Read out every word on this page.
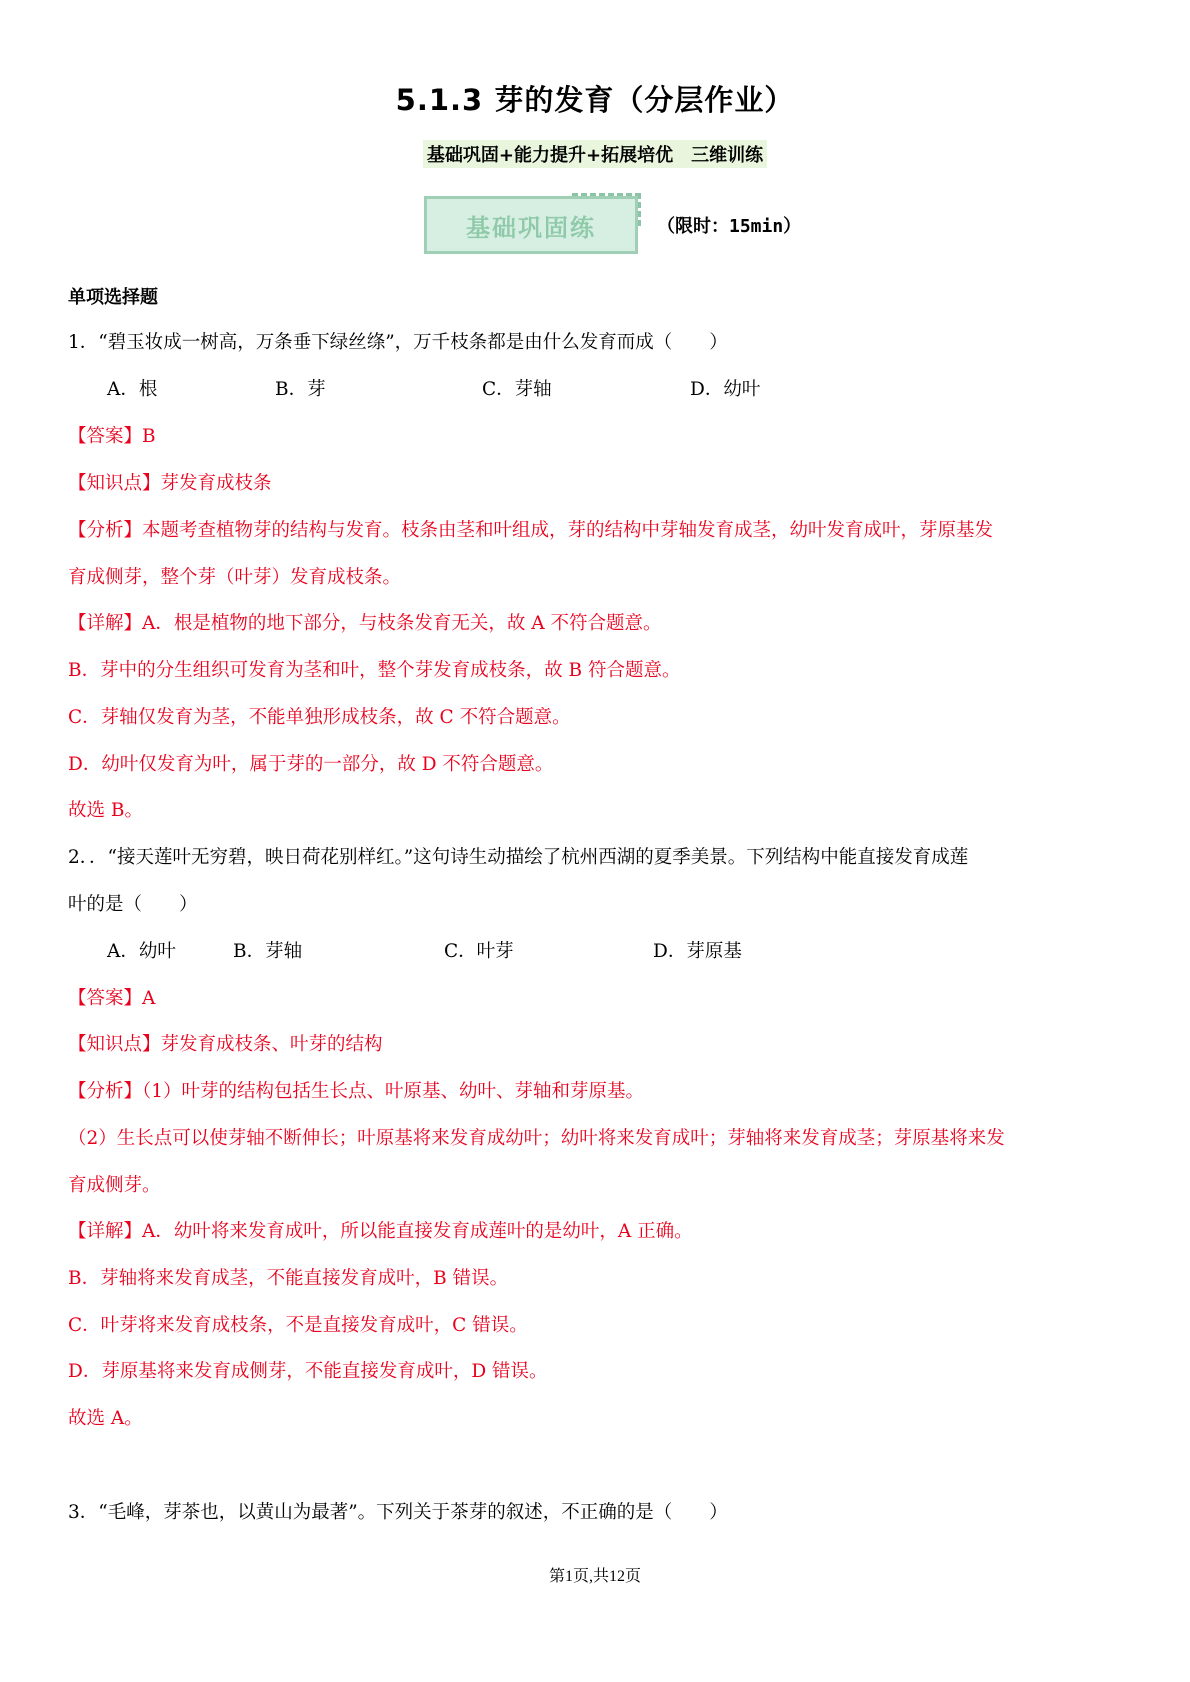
5.1.3 芽的发育（分层作业）
基础巩固+能力提升+拓展培优　三维训练
基础巩固练	（限时：15min）
单项选择题
1．“碧玉妆成一树高，万条垂下绿丝绦”，万千枝条都是由什么发育而成（　　）
A．根	B．芽	C．芽轴	D．幼叶
【答案】B
【知识点】芽发育成枝条
【分析】本题考查植物芽的结构与发育。枝条由茎和叶组成，芽的结构中芽轴发育成茎，幼叶发育成叶，芽原基发
育成侧芽，整个芽（叶芽）发育成枝条。
【详解】A．根是植物的地下部分，与枝条发育无关，故 A 不符合题意。
B．芽中的分生组织可发育为茎和叶，整个芽发育成枝条，故 B 符合题意。
C．芽轴仅发育为茎，不能单独形成枝条，故 C 不符合题意。
D．幼叶仅发育为叶，属于芽的一部分，故 D 不符合题意。
故选 B。
2．．“接天莲叶无穷碧，映日荷花别样红。”这句诗生动描绘了杭州西湖的夏季美景。下列结构中能直接发育成莲
叶的是（　　）
A．幼叶	B．芽轴	C．叶芽	D．芽原基
【答案】A
【知识点】芽发育成枝条、叶芽的结构
【分析】（1）叶芽的结构包括生长点、叶原基、幼叶、芽轴和芽原基。
（2）生长点可以使芽轴不断伸长；叶原基将来发育成幼叶；幼叶将来发育成叶；芽轴将来发育成茎；芽原基将来发
育成侧芽。
【详解】A．幼叶将来发育成叶，所以能直接发育成莲叶的是幼叶，A 正确。
B．芽轴将来发育成茎，不能直接发育成叶，B 错误。
C．叶芽将来发育成枝条，不是直接发育成叶，C 错误。
D．芽原基将来发育成侧芽，不能直接发育成叶，D 错误。
故选 A。
3．“毛峰，芽茶也，以黄山为最著”。下列关于茶芽的叙述，不正确的是（　　）
第1页,共12页
